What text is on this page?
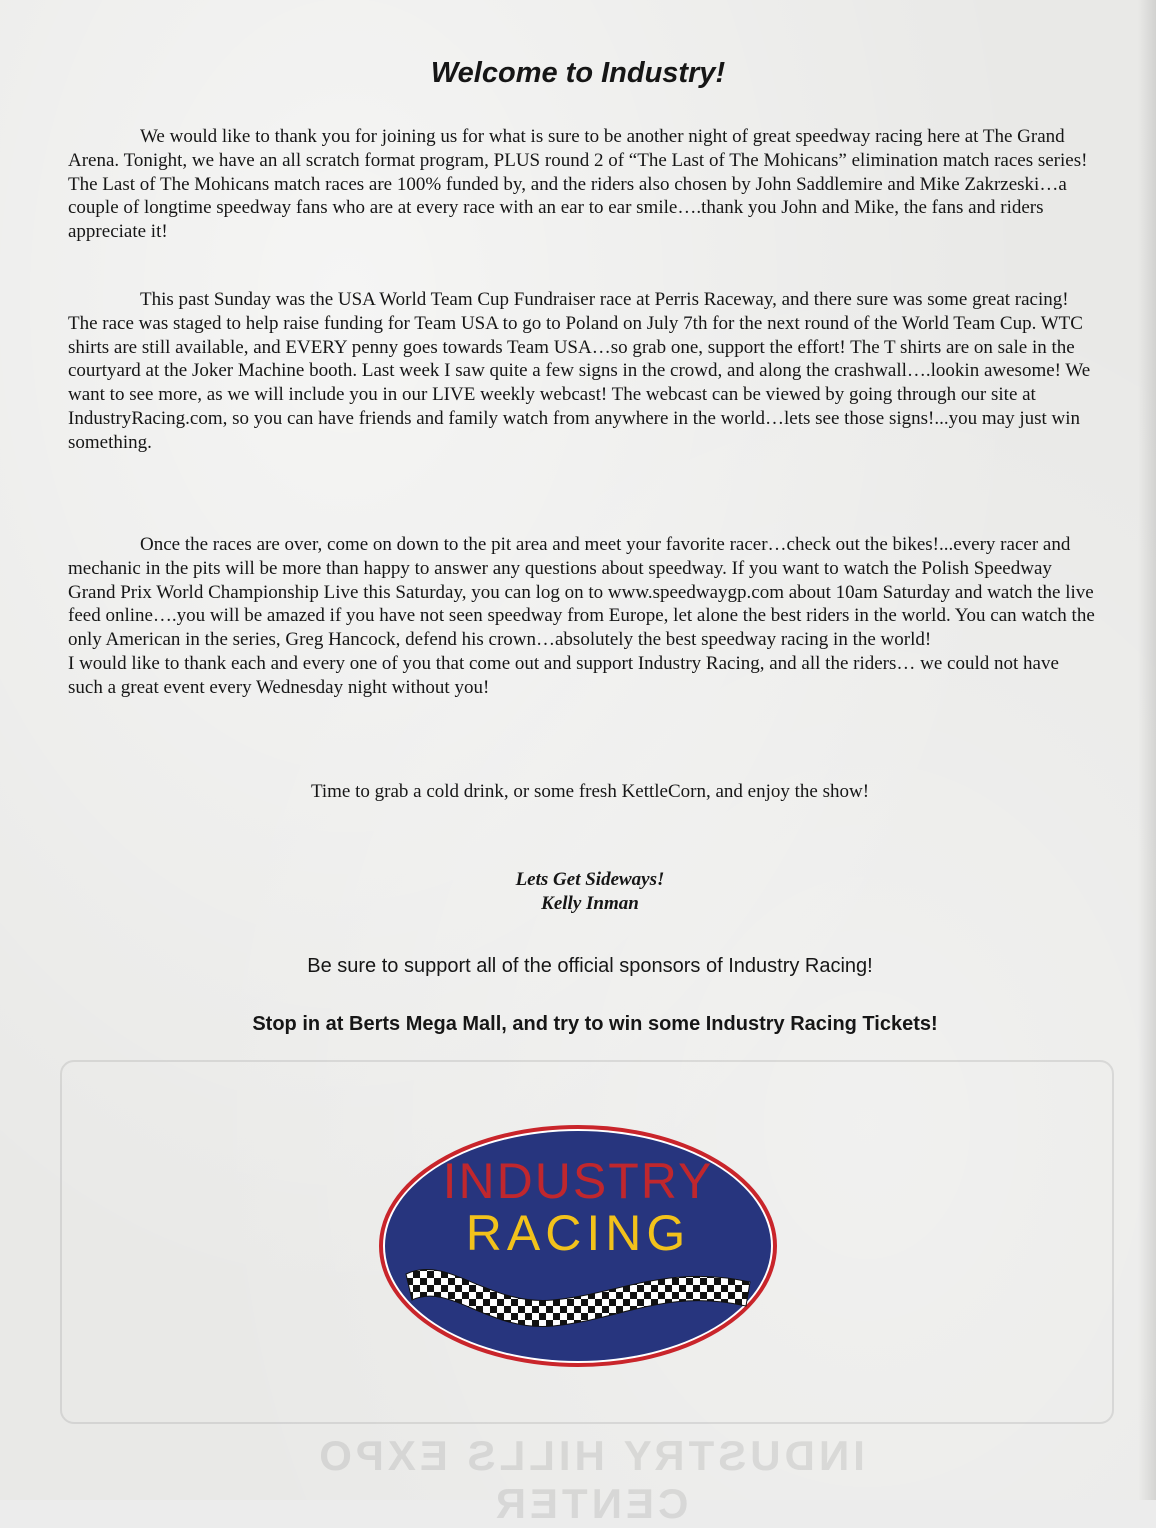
INDUSTRY HILLS EXPO CENTER
Welcome to Industry!

We would like to thank you for joining us for what is sure to be another night of great speedway racing here at The Grand Arena. Tonight, we have an all scratch format program, PLUS round 2 of “The Last of The Mohicans” elimination match races series! The Last of The Mohicans match races are 100% funded by, and the riders also chosen by John Saddlemire and Mike Zakrzeski…a couple of longtime speedway fans who are at every race with an ear to ear smile….thank you John and Mike, the fans and riders appreciate it!

This past Sunday was the USA World Team Cup Fundraiser race at Perris Raceway, and there sure was some great racing! The race was staged to help raise funding for Team USA to go to Poland on July 7th for the next round of the World Team Cup. WTC shirts are still available, and EVERY penny goes towards Team USA…so grab one, support the effort! The T shirts are on sale in the courtyard at the Joker Machine booth. Last week I saw quite a few signs in the crowd, and along the crashwall….lookin awesome! We want to see more, as we will include you in our LIVE weekly webcast! The webcast can be viewed by going through our site at IndustryRacing.com, so you can have friends and family watch from anywhere in the world…lets see those signs!...you may just win something.

Once the races are over, come on down to the pit area and meet your favorite racer…check out the bikes!...every racer and mechanic in the pits will be more than happy to answer any questions about speedway. If you want to watch the Polish Speedway Grand Prix World Championship Live this Saturday, you can log on to www.speedwaygp.com about 10am Saturday and watch the live feed online….you will be amazed if you have not seen speedway from Europe, let alone the best riders in the world. You can watch the only American in the series, Greg Hancock, defend his crown…absolutely the best speedway racing in the world!
I would like to thank each and every one of you that come out and support Industry Racing, and all the riders… we could not have such a great event every Wednesday night without you!

Time to grab a cold drink, or some fresh KettleCorn, and enjoy the show!

Lets Get Sideways!
Kelly Inman
Be sure to support all of the official sponsors of Industry Racing!
Stop in at Berts Mega Mall, and try to win some Industry Racing Tickets!
INDUSTRY
RACING
